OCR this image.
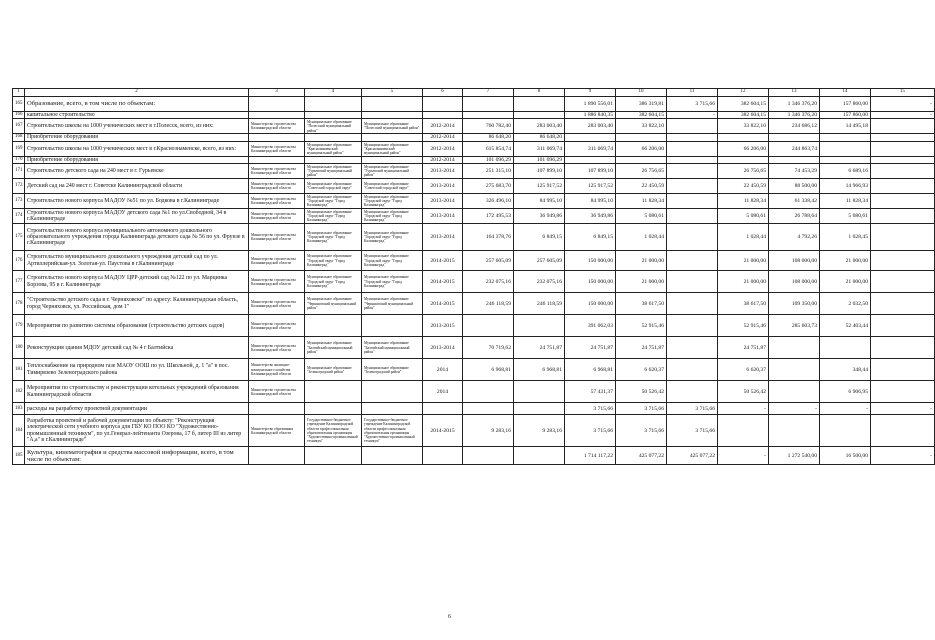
1	2	3	4	5	6	7	8	9	10	11	12	13	14	15
165	Образование, всего, в том числе по объектам:							1 890 556,01	386 319,81	3 715,66	382 604,15	1 346 376,20	157 860,00	-
166	капитальное строительство							1 886 840,35	382 604,15	-	382 604,15	1 346 376,20	157 860,00	-
167	Строительство школы на 1000 ученических мест в г.Полесск, всего, из них:	Министерство строительства Калининградской области	Муниципальное образование "Полесский муниципальный район"	Муниципальное образование "Полесский муниципальный район"	2012-2014	760 782,40	283 003,40	283 003,40	33 822,10		33 822,10	234 686,12	14 495,18	
168	Приобретение оборудования				2012-2014	86 648,20	86 648,20							
169	Строительство школы на 1000 ученических мест в г.Краснознаменске, всего, из них:	Министерство строительства Калининградской области	Муниципальное образование "Краснознаменский муниципальный район"	Муниципальное образование "Краснознаменский муниципальный район"	2012-2014	615 854,74	311 069,74	311 069,74	66 206,00		66 206,00	244 863,74		
170	Приобретение оборудования				2012-2014	101 096,29	101 096,29							
171	Строительство детского сада на 240 мест в г. Гурьевске	Министерство строительства Калининградской области	Муниципальное образование "Гурьевский муниципальный район"	Муниципальное образование "Гурьевский муниципальный район"	2013-2014	251 315,10	107 899,10	107 899,10	26 756,65		26 756,65	74 453,29	6 689,16	
172	Детский сад на 240 мест г. Советске Калининградской области	Министерство строительства Калининградской области	Муниципальное образование "Советский городской округ"	Муниципальное образование "Советский городской округ"	2013-2014	275 683,70	125 917,52	125 917,52	22 450,59		22 450,59	88 500,00	14 966,93	
173	Строительство нового корпуса МАДОУ №51 по ул. Бодкова в г.Калининграде	Министерство строительства Калининградской области	Муниципальное образование "Городской округ "Город Калининград"	Муниципальное образование "Городской округ "Город Калининград"	2013-2014	326 496,10	84 995,10	84 995,10	11 828,34		11 828,34	61 338,42	11 828,34	
174	Строительство нового корпуса МАДОУ детского сада №1 по ул.Свободной, 34 в г.Калининграде	Министерство строительства Калининградской области	Муниципальное образование "Городской округ "Город Калининград"	Муниципальное образование "Городской округ "Город Калининград"	2013-2014	172 495,53	36 949,86	36 949,86	5 080,61		5 080,61	26 788,64	5 080,61	
175	Строительство нового корпуса муниципального автономного дошкольного образовательного учреждения города Калининграда детского сада № 56 по ул. Фрунзе в г.Калининграде	Министерство строительства Калининградской области	Муниципальное образование "Городской округ "Город Калининград"	Муниципальное образование "Городской округ "Город Калининград"	2013-2014	164 378,76	6 849,15	6 849,15	1 028,44		1 028,44	4 792,26	1 028,45	
176	Строительство муниципального дошкольного учреждения детский сад по ул. Артиллерийская-ул. Золотая-ул. Паустова в г.Калининграде	Министерство строительства Калининградской области	Муниципальное образование "Городской округ "Город Калининград"	Муниципальное образование "Городской округ "Город Калининград"	2014-2015	257 605,09	257 605,09	150 000,00	21 000,00		21 000,00	108 000,00	21 000,00	
177	Строительство нового корпуса МАДОУ ЦРР-детский сад №122 по ул. Марцинка Борзова, 95 в г. Калининграде	Министерство строительства Калининградской области	Муниципальное образование "Городской округ "Город Калининград"	Муниципальное образование "Городской округ "Город Калининград"	2014-2015	232 075,16	232 075,16	150 000,00	21 000,00		21 000,00	108 000,00	21 000,00	
178	"Строительство детского сада в г. Черняховске" по адресу: Калининградская область, город Черняховск, ул. Российская, дом 1"	Министерство строительства Калининградской области	Муниципальное образование "Черняховский муниципальный район"	Муниципальное образование "Черняховский муниципальный район"	2014-2015	246 118,59	246 118,59	150 000,00	38 617,50		38 617,50	109 350,00	2 032,50	
179	Мероприятия по развитию системы образования (строительство детских садов)	Министерство строительства Калининградской области			2013-2015			391 062,03	52 915,46		52 915,46	285 603,73	52 403,44	
180	Реконструкция здания МДОУ детский сад № 4 г Балтийска	Министерство строительства Калининградской области	Муниципальное образование "Балтийский муниципальный район"	Муниципальное образование "Балтийский муниципальный район"	2013-2014	70 719,62	24 751,87	24 751,87	24 751,87		24 751,87			
181	Теплоснабжение на природном газе МАОУ ООШ по ул. Школьной, д. 1 "а" в пос. Тимирязево Зеленоградского района	Министерство жилищно-коммунального хозяйства Калининградской области	Муниципальное образование "Зеленоградский район"	Муниципальное образование "Зеленоградский район"	2014	6 968,81	6 968,81	6 968,81	6 620,37		6 620,37		348,44	
182	Мероприятия по строительству и реконструкции котельных учреждений образования Калининградской области	Министерство строительства Калининградской области			2014			57 431,37	50 526,42		50 526,42		6 906,95	
183	расходы на разработку проектной документации							3 715,66	3 715,66	3 715,66	-	-	-	-
184	Разработка проектной и рабочей документации по объекту: "Реконструкция электрической сети учебного корпуса для ГБУ КО ПОО КО "Художественно-промышленный техникум", по ул.Генерал-лейтенанта Озерова, 17 б, литер III из литер "А,а" в г.Калининграде"	Министерство образования Калининградской области	Государственное бюджетное учреждение Калининградской области профессиональная образовательная организация "Художественно-промышленный техникум"	Государственное бюджетное учреждение Калининградской области профессиональная образовательная организация "Художественно-промышленный техникум"	2014-2015	9 283,16	9 283,16	3 715,66	3 715,66	3 715,66				
185	Культура, кинематография и средства массовой информации, всего, в том числе по объектам:							1 714 117,22	425 077,22	425 077,22	-	1 272 540,00	16 500,00	-
6
